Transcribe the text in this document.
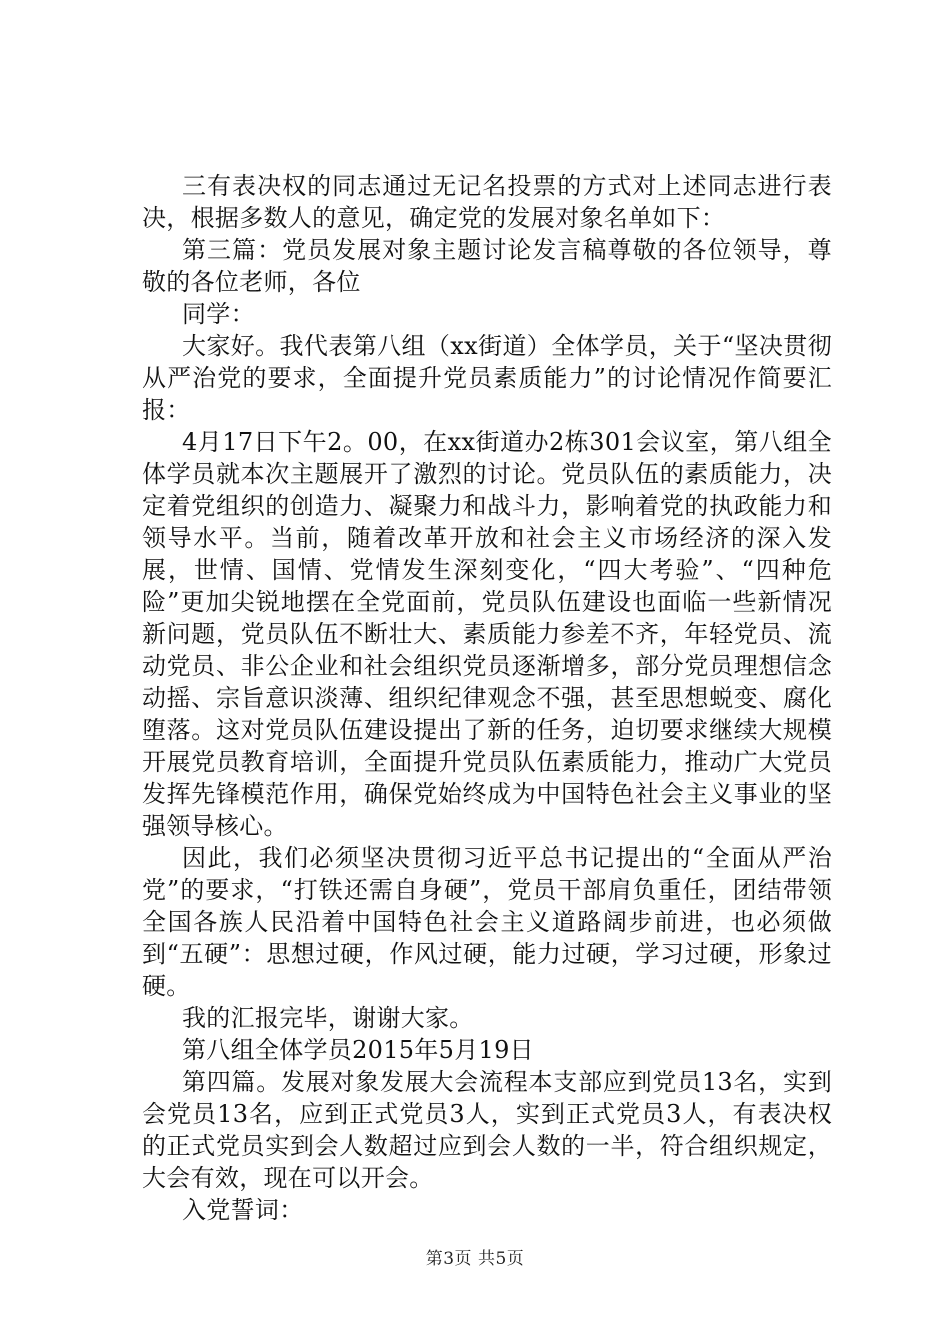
三有表决权的同志通过无记名投票的方式对上述同志进行表决，根据多数人的意见，确定党的发展对象名单如下：

第三篇：党员发展对象主题讨论发言稿尊敬的各位领导，尊敬的各位老师，各位

同学：

大家好。我代表第八组（xx街道）全体学员，关于“坚决贯彻从严治党的要求，全面提升党员素质能力”的讨论情况作简要汇报：

4月17日下午2。00，在xx街道办2栋301会议室，第八组全体学员就本次主题展开了激烈的讨论。党员队伍的素质能力，决定着党组织的创造力、凝聚力和战斗力，影响着党的执政能力和领导水平。当前，随着改革开放和社会主义市场经济的深入发展，世情、国情、党情发生深刻变化，“四大考验”、“四种危险”更加尖锐地摆在全党面前，党员队伍建设也面临一些新情况新问题，党员队伍不断壮大、素质能力参差不齐，年轻党员、流动党员、非公企业和社会组织党员逐渐增多，部分党员理想信念动摇、宗旨意识淡薄、组织纪律观念不强，甚至思想蜕变、腐化堕落。这对党员队伍建设提出了新的任务，迫切要求继续大规模开展党员教育培训，全面提升党员队伍素质能力，推动广大党员发挥先锋模范作用，确保党始终成为中国特色社会主义事业的坚强领导核心。

因此，我们必须坚决贯彻习近平总书记提出的“全面从严治党”的要求，“打铁还需自身硬”，党员干部肩负重任，团结带领全国各族人民沿着中国特色社会主义道路阔步前进，也必须做到“五硬”：思想过硬，作风过硬，能力过硬，学习过硬，形象过硬。

我的汇报完毕，谢谢大家。

第八组全体学员2015年5月19日

第四篇。发展对象发展大会流程本支部应到党员13名，实到会党员13名，应到正式党员3人，实到正式党员3人，有表决权的正式党员实到会人数超过应到会人数的一半，符合组织规定，大会有效，现在可以开会。

入党誓词：

第3页 共5页
